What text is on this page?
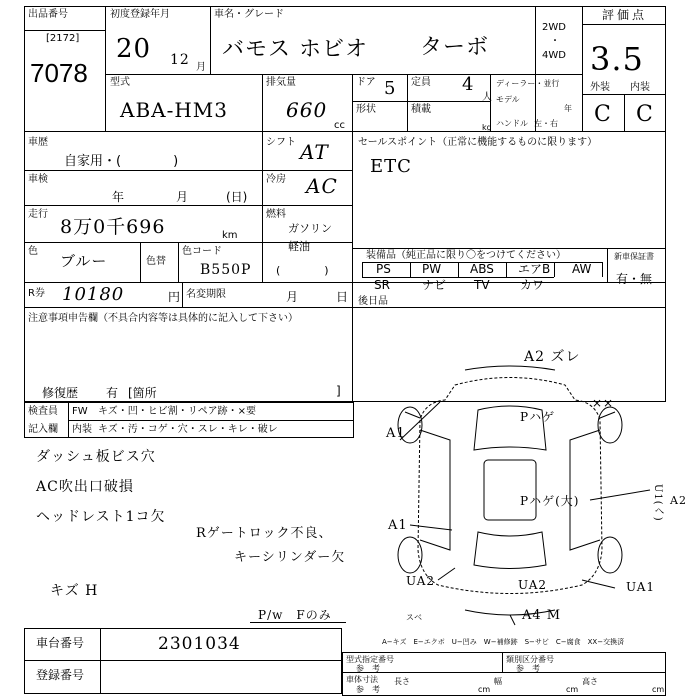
出品番号
[2172]
7078
初度登録年月
20 12 月
車名・グレード
バモス ホビオ ターボ
2WD
・
4WD
評価点
3.5
型式
ABA-HM3
排気量
660
cc
ドア 5 定員 4
人
形状	積載
kg
ディーラー・並行
モデル
年
ハンドル 左・右
外装 内装
C C
車歴
自家用・(　　　　)
シフト AT	セールスポイント（正常に機能するものに限ります）
ETC
車検
年	月	(日)
冷房 AC
走行
8万0千696	km
燃料
ガソリン
軽油
(　　　　)
色
ブルー	色替
色コード
B550P
装備品（純正品に限り〇をつけてください）
PS	PW ABS エアB AW
SR	ナビ TV	カワ
新車保証書
有・無
R券 10180	円 名変期限	月	日 後日品
注意事項申告欄（不具合内容等は具体的に記入して下さい）
修復歴 有 [箇所	]
検査員
記入欄
FW キズ・凹・ヒビ割・リペア跡・×要
内装 キズ・汚・コゲ・穴・スレ・キレ・破レ
ダッシュ板ビス穴
AC吹出口破損
ヘッドレスト1コ欠
Rゲートロック不良、
キーシリンダー欠
キズ H
P/w　Fのみ
A2 ズレ
××
Pハゲ
Pハゲ(大)
A1
A1
U1(へ) A2
UA2	UA2	UA1
A4 M
スベ
A−キズ　E−エクボ　U−凹み　W−補修跡　S−サビ　C−腐食　XX−交換済
車台番号	2301034
登録番号
型式指定番号
参　考
類別区分番号
参　考
車体寸法
参　考
長さ
cm
幅
cm
高さ
cm
